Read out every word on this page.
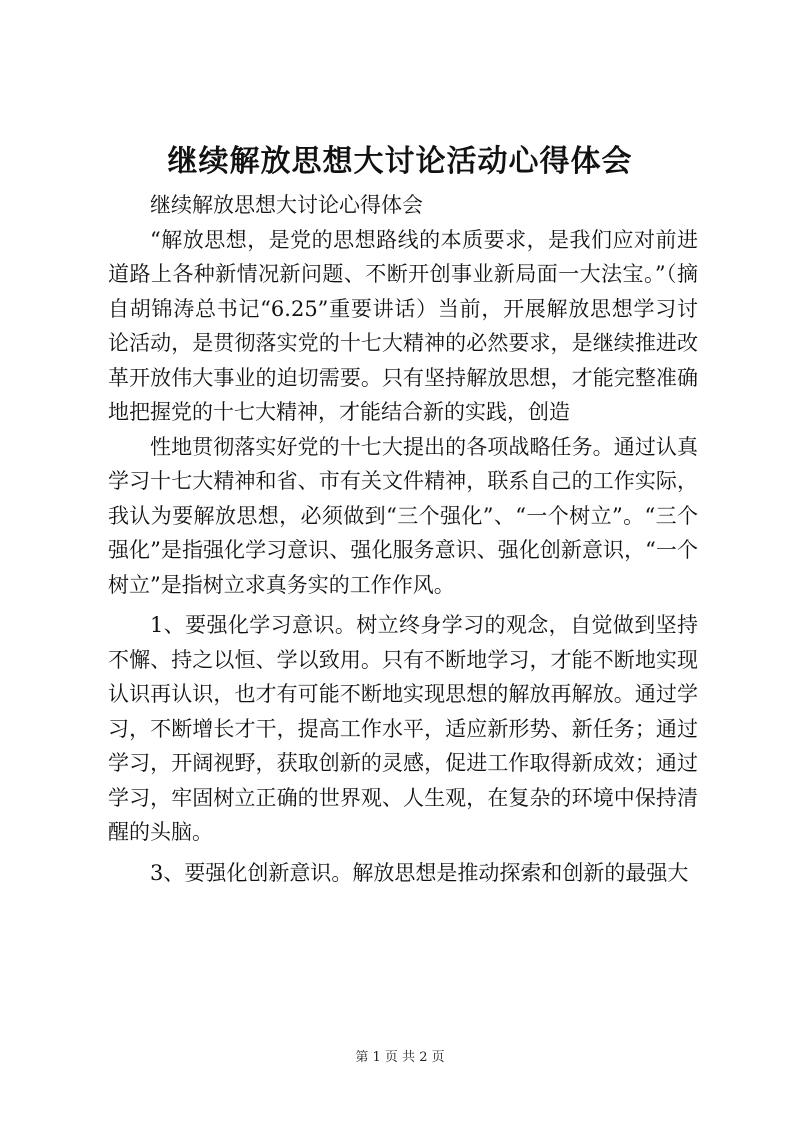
继续解放思想大讨论活动心得体会

继续解放思想大讨论心得体会

“解放思想，是党的思想路线的本质要求，是我们应对前进道路上各种新情况新问题、不断开创事业新局面一大法宝。”（摘自胡锦涛总书记“6.25”重要讲话）当前，开展解放思想学习讨论活动，是贯彻落实党的十七大精神的必然要求，是继续推进改革开放伟大事业的迫切需要。只有坚持解放思想，才能完整准确地把握党的十七大精神，才能结合新的实践，创造

性地贯彻落实好党的十七大提出的各项战略任务。通过认真学习十七大精神和省、市有关文件精神，联系自己的工作实际，我认为要解放思想，必须做到“三个强化”、“一个树立”。“三个强化”是指强化学习意识、强化服务意识、强化创新意识，“一个树立”是指树立求真务实的工作作风。

1、要强化学习意识。树立终身学习的观念，自觉做到坚持不懈、持之以恒、学以致用。只有不断地学习，才能不断地实现认识再认识，也才有可能不断地实现思想的解放再解放。通过学习，不断增长才干，提高工作水平，适应新形势、新任务；通过学习，开阔视野，获取创新的灵感，促进工作取得新成效；通过学习，牢固树立正确的世界观、人生观，在复杂的环境中保持清醒的头脑。

3、要强化创新意识。解放思想是推动探索和创新的最强大

第 1 页 共 2 页
